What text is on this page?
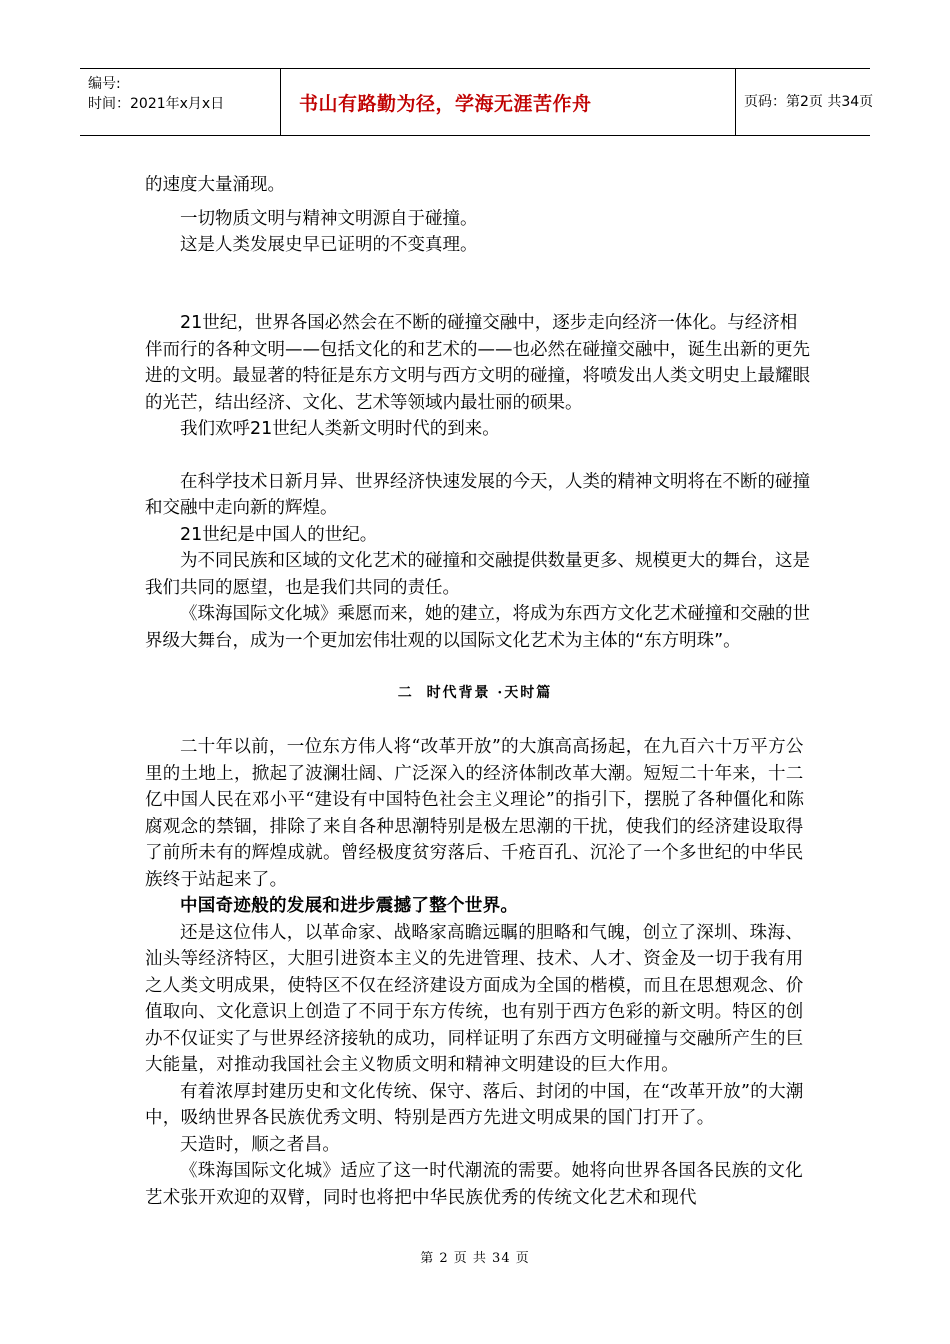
编号:
时间：2021年x月x日	书山有路勤为径，学海无涯苦作舟	页码：第2页 共34页

的速度大量涌现。

一切物质文明与精神文明源自于碰撞。

这是人类发展史早已证明的不变真理。

21世纪，世界各国必然会在不断的碰撞交融中，逐步走向经济一体化。与经济相伴而行的各种文明——包括文化的和艺术的——也必然在碰撞交融中，诞生出新的更先进的文明。最显著的特征是东方文明与西方文明的碰撞，将喷发出人类文明史上最耀眼的光芒，结出经济、文化、艺术等领域内最壮丽的硕果。

我们欢呼21世纪人类新文明时代的到来。

在科学技术日新月异、世界经济快速发展的今天，人类的精神文明将在不断的碰撞和交融中走向新的辉煌。

21世纪是中国人的世纪。

为不同民族和区域的文化艺术的碰撞和交融提供数量更多、规模更大的舞台，这是我们共同的愿望，也是我们共同的责任。

《珠海国际文化城》乘愿而来，她的建立，将成为东西方文化艺术碰撞和交融的世界级大舞台，成为一个更加宏伟壮观的以国际文化艺术为主体的“东方明珠”。

二 时代背景 ·天时篇

二十年以前，一位东方伟人将“改革开放”的大旗高高扬起，在九百六十万平方公里的土地上，掀起了波澜壮阔、广泛深入的经济体制改革大潮。短短二十年来，十二亿中国人民在邓小平“建设有中国特色社会主义理论”的指引下，摆脱了各种僵化和陈腐观念的禁锢，排除了来自各种思潮特别是极左思潮的干扰，使我们的经济建设取得了前所未有的辉煌成就。曾经极度贫穷落后、千疮百孔、沉沦了一个多世纪的中华民族终于站起来了。

中国奇迹般的发展和进步震撼了整个世界。

还是这位伟人，以革命家、战略家高瞻远瞩的胆略和气魄，创立了深圳、珠海、汕头等经济特区，大胆引进资本主义的先进管理、技术、人才、资金及一切于我有用之人类文明成果，使特区不仅在经济建设方面成为全国的楷模，而且在思想观念、价值取向、文化意识上创造了不同于东方传统，也有别于西方色彩的新文明。特区的创办不仅证实了与世界经济接轨的成功，同样证明了东西方文明碰撞与交融所产生的巨大能量，对推动我国社会主义物质文明和精神文明建设的巨大作用。

有着浓厚封建历史和文化传统、保守、落后、封闭的中国，在“改革开放”的大潮中，吸纳世界各民族优秀文明、特别是西方先进文明成果的国门打开了。

天造时，顺之者昌。

《珠海国际文化城》适应了这一时代潮流的需要。她将向世界各国各民族的文化艺术张开欢迎的双臂，同时也将把中华民族优秀的传统文化艺术和现代

第 2 页 共 34 页
